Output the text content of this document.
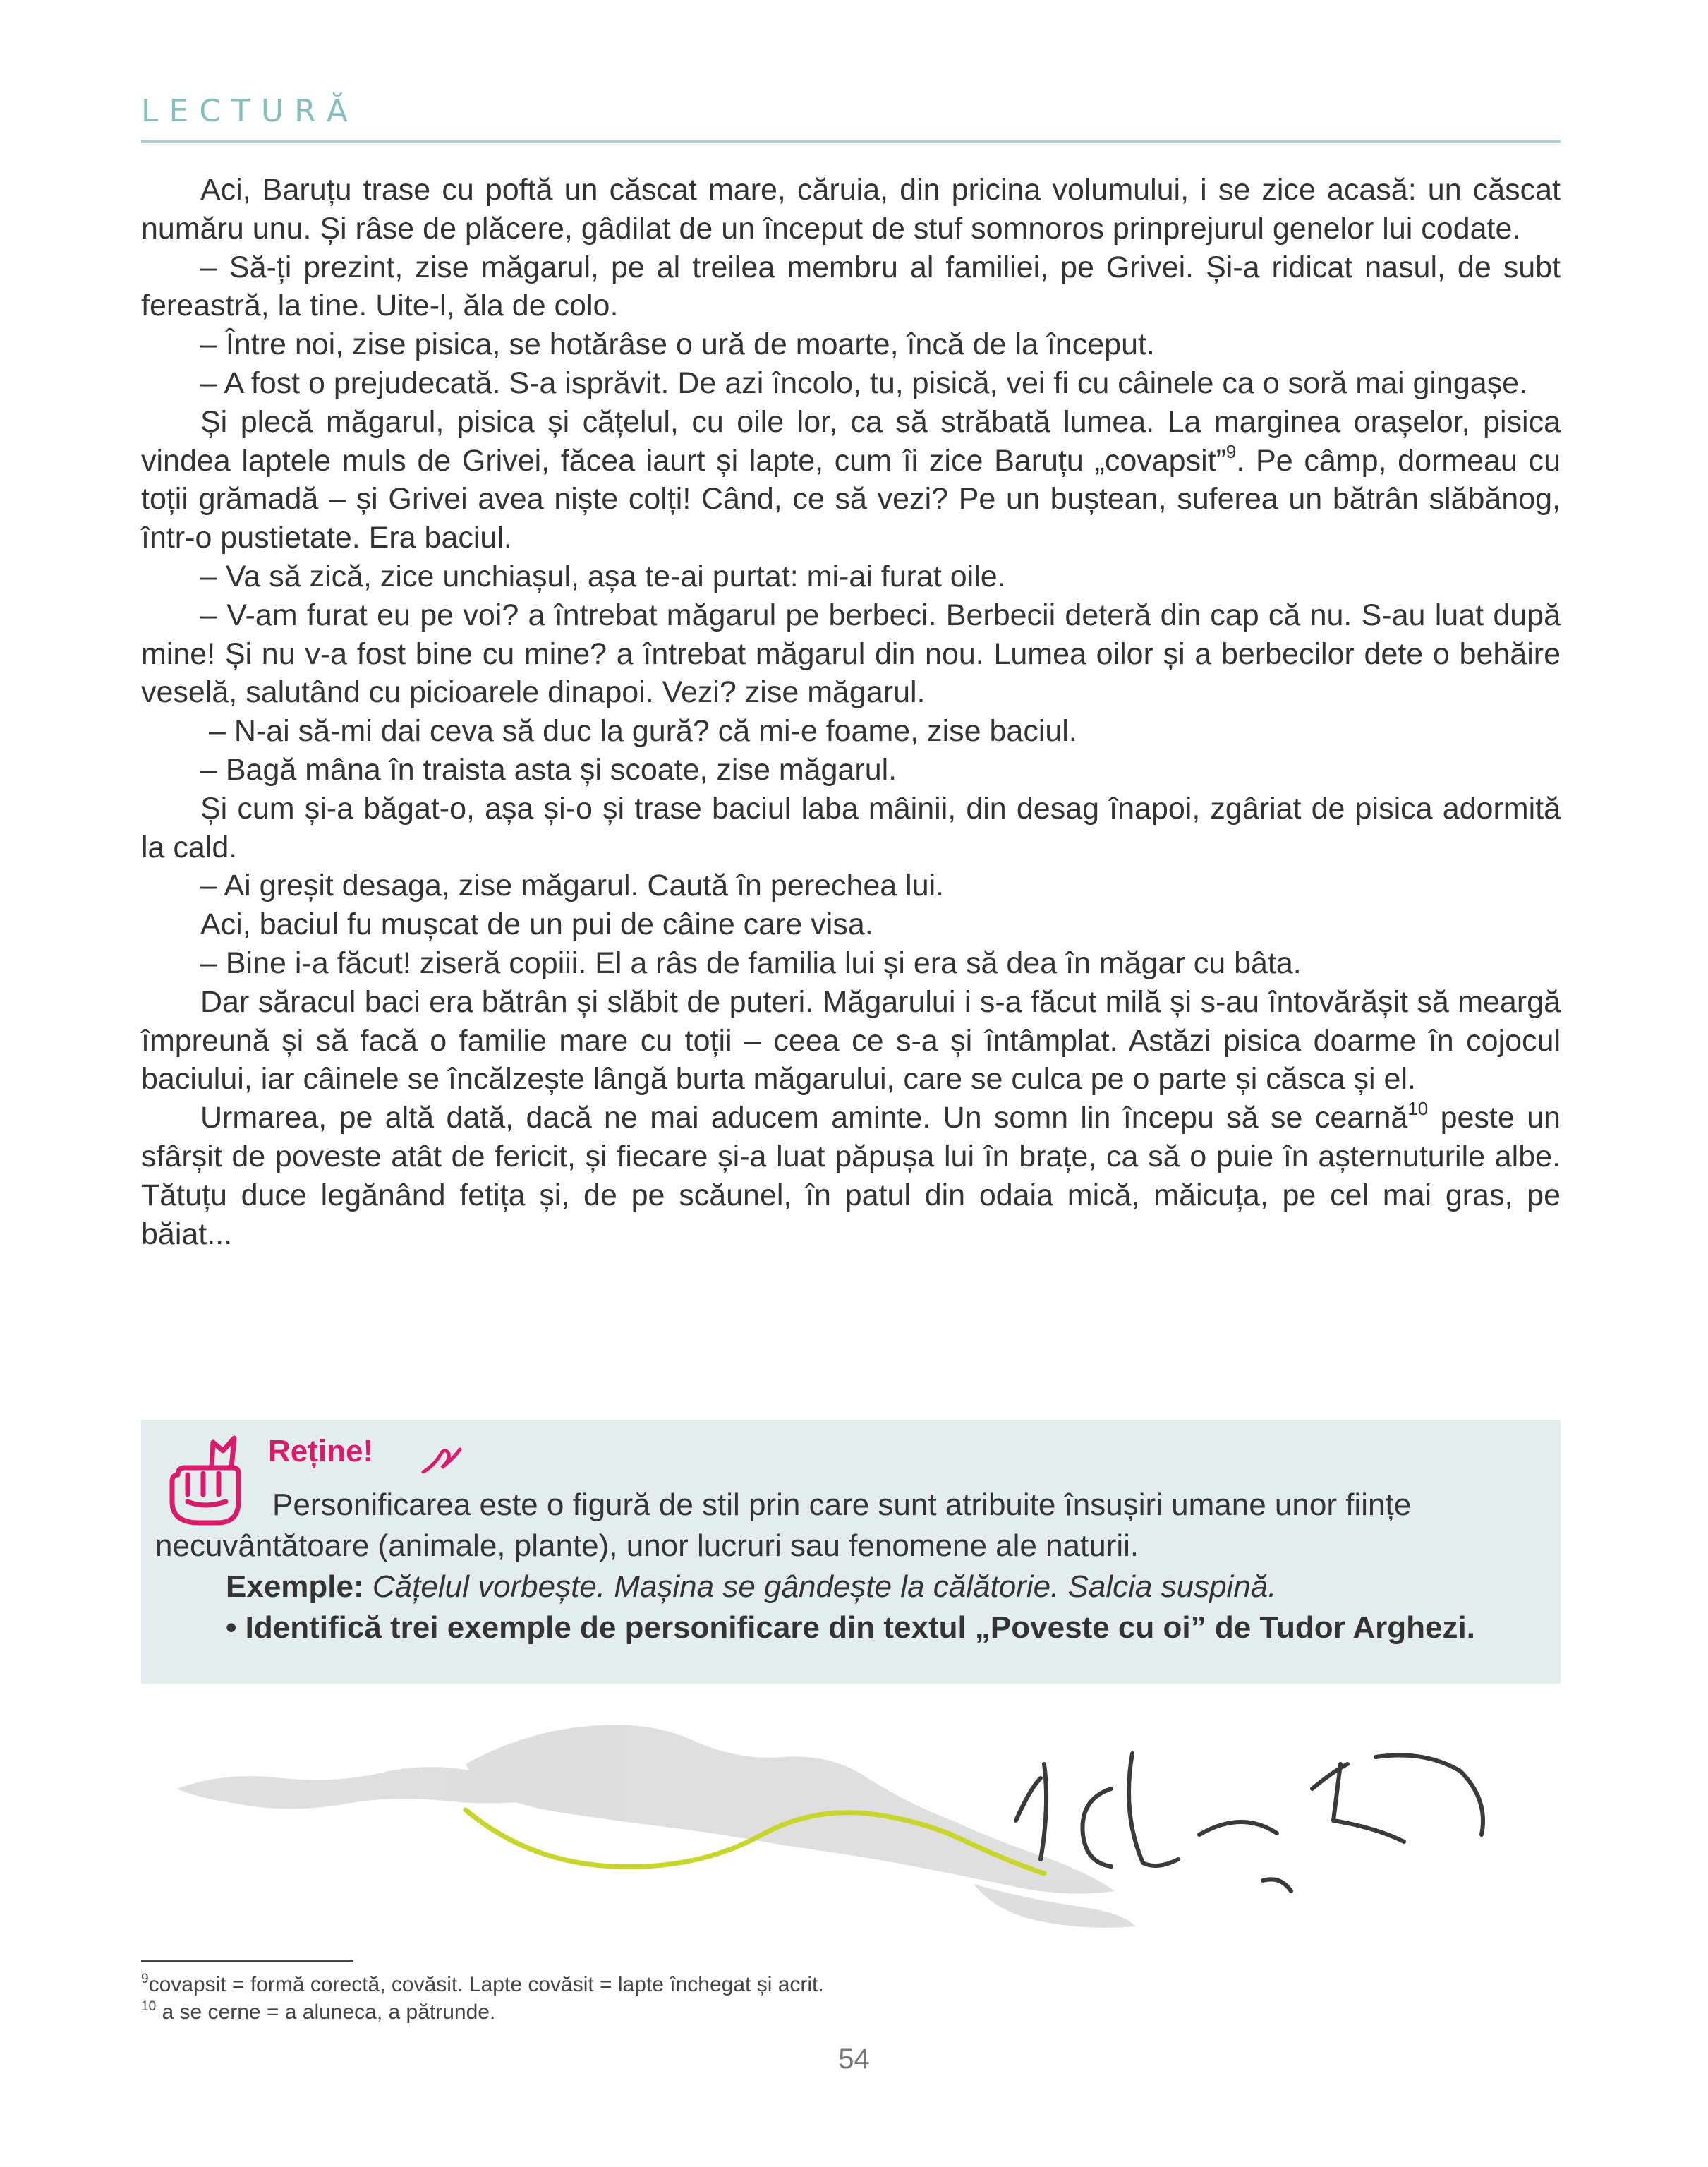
LECTURĂ

Aci, Baruțu trase cu poftă un căscat mare, căruia, din pricina volumului, i se zice acasă: un căscat număru unu. Și râse de plăcere, gâdilat de un început de stuf somnoros prinprejurul genelor lui codate.

– Să-ți prezint, zise măgarul, pe al treilea membru al familiei, pe Grivei. Și-a ridicat nasul, de subt fereastră, la tine. Uite-l, ăla de colo.

– Între noi, zise pisica, se hotărâse o ură de moarte, încă de la început.

– A fost o prejudecată. S-a isprăvit. De azi încolo, tu, pisică, vei fi cu câinele ca o soră mai gingașe.

Și plecă măgarul, pisica și cățelul, cu oile lor, ca să străbată lumea. La marginea orașelor, pisica vindea laptele muls de Grivei, făcea iaurt și lapte, cum îi zice Baruțu „covapsit”$^9$. Pe câmp, dormeau cu toții grămadă – și Grivei avea niște colți! Când, ce să vezi? Pe un buștean, suferea un bătrân slăbănog, într-o pustietate. Era baciul.

– Va să zică, zice unchiașul, așa te-ai purtat: mi-ai furat oile.

– V-am furat eu pe voi? a întrebat măgarul pe berbeci. Berbecii deteră din cap că nu. S-au luat după mine! Și nu v-a fost bine cu mine? a întrebat măgarul din nou. Lumea oilor și a berbecilor dete o behăire veselă, salutând cu picioarele dinapoi. Vezi? zise măgarul.

– N-ai să-mi dai ceva să duc la gură? că mi-e foame, zise baciul.

– Bagă mâna în traista asta și scoate, zise măgarul.

Și cum și-a băgat-o, așa și-o și trase baciul laba mâinii, din desag înapoi, zgâriat de pisica adormită la cald.

– Ai greșit desaga, zise măgarul. Caută în perechea lui.

Aci, baciul fu mușcat de un pui de câine care visa.

– Bine i-a făcut! ziseră copiii. El a râs de familia lui și era să dea în măgar cu bâta.

Dar săracul baci era bătrân și slăbit de puteri. Măgarului i s-a făcut milă și s-au întovărășit să meargă împreună și să facă o familie mare cu toții – ceea ce s-a și întâmplat. Astăzi pisica doarme în cojocul baciului, iar câinele se încălzește lângă burta măgarului, care se culca pe o parte și căsca și el.

Urmarea, pe altă dată, dacă ne mai aducem aminte. Un somn lin începu să se cearnă$^{10}$ peste un sfârșit de poveste atât de fericit, și fiecare și-a luat păpușa lui în brațe, ca să o puie în așternuturile albe. Tătuțu duce legănând fetița și, de pe scăunel, în patul din odaia mică, măicuța, pe cel mai gras, pe băiat...

Reține!

Personificarea este o figură de stil prin care sunt atribuite însușiri umane unor ființe necuvântătoare (animale, plante), unor lucruri sau fenomene ale naturii.

Exemple: Cățelul vorbește. Mașina se gândește la călătorie. Salcia suspină.

• Identifică trei exemple de personificare din textul „Poveste cu oi” de Tudor Arghezi.

$^9$covapsit = formă corectă, covăsit. Lapte covăsit = lapte închegat și acrit.

$^{10}$ a se cerne = a aluneca, a pătrunde.

54
